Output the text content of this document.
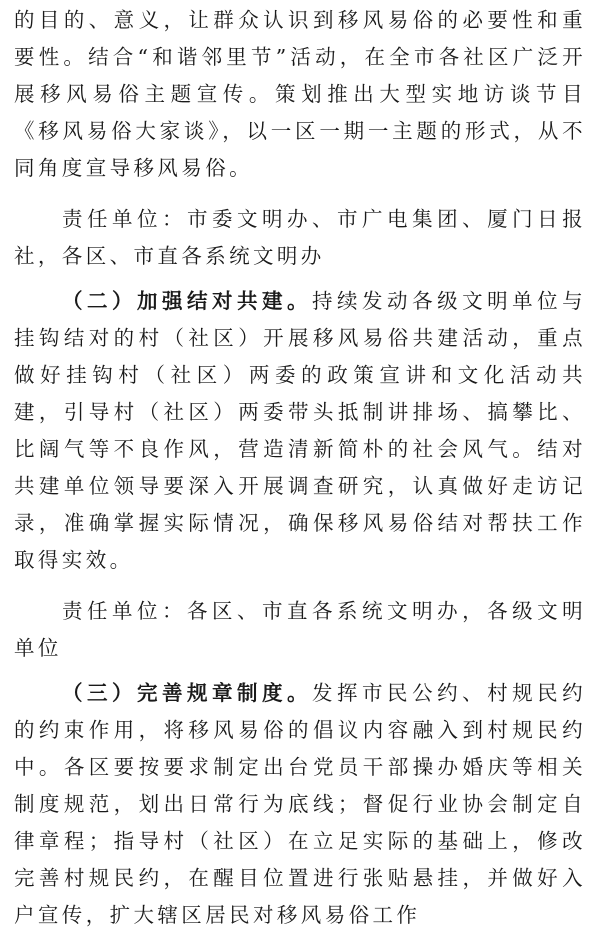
的目的、意义，让群众认识到移风易俗的必要性和重要性。结合“和谐邻里节”活动，在全市各社区广泛开展移风易俗主题宣传。策划推出大型实地访谈节目《移风易俗大家谈》，以一区一期一主题的形式，从不同角度宣导移风易俗。

责任单位：市委文明办、市广电集团、厦门日报社，各区、市直各系统文明办

（二）加强结对共建。持续发动各级文明单位与挂钩结对的村（社区）开展移风易俗共建活动，重点做好挂钩村（社区）两委的政策宣讲和文化活动共建，引导村（社区）两委带头抵制讲排场、搞攀比、比阔气等不良作风，营造清新简朴的社会风气。结对共建单位领导要深入开展调查研究，认真做好走访记录，准确掌握实际情况，确保移风易俗结对帮扶工作取得实效。

责任单位：各区、市直各系统文明办，各级文明单位

（三）完善规章制度。发挥市民公约、村规民约的约束作用，将移风易俗的倡议内容融入到村规民约中。各区要按要求制定出台党员干部操办婚庆等相关制度规范，划出日常行为底线；督促行业协会制定自律章程；指导村（社区）在立足实际的基础上，修改完善村规民约，在醒目位置进行张贴悬挂，并做好入户宣传，扩大辖区居民对移风易俗工作
